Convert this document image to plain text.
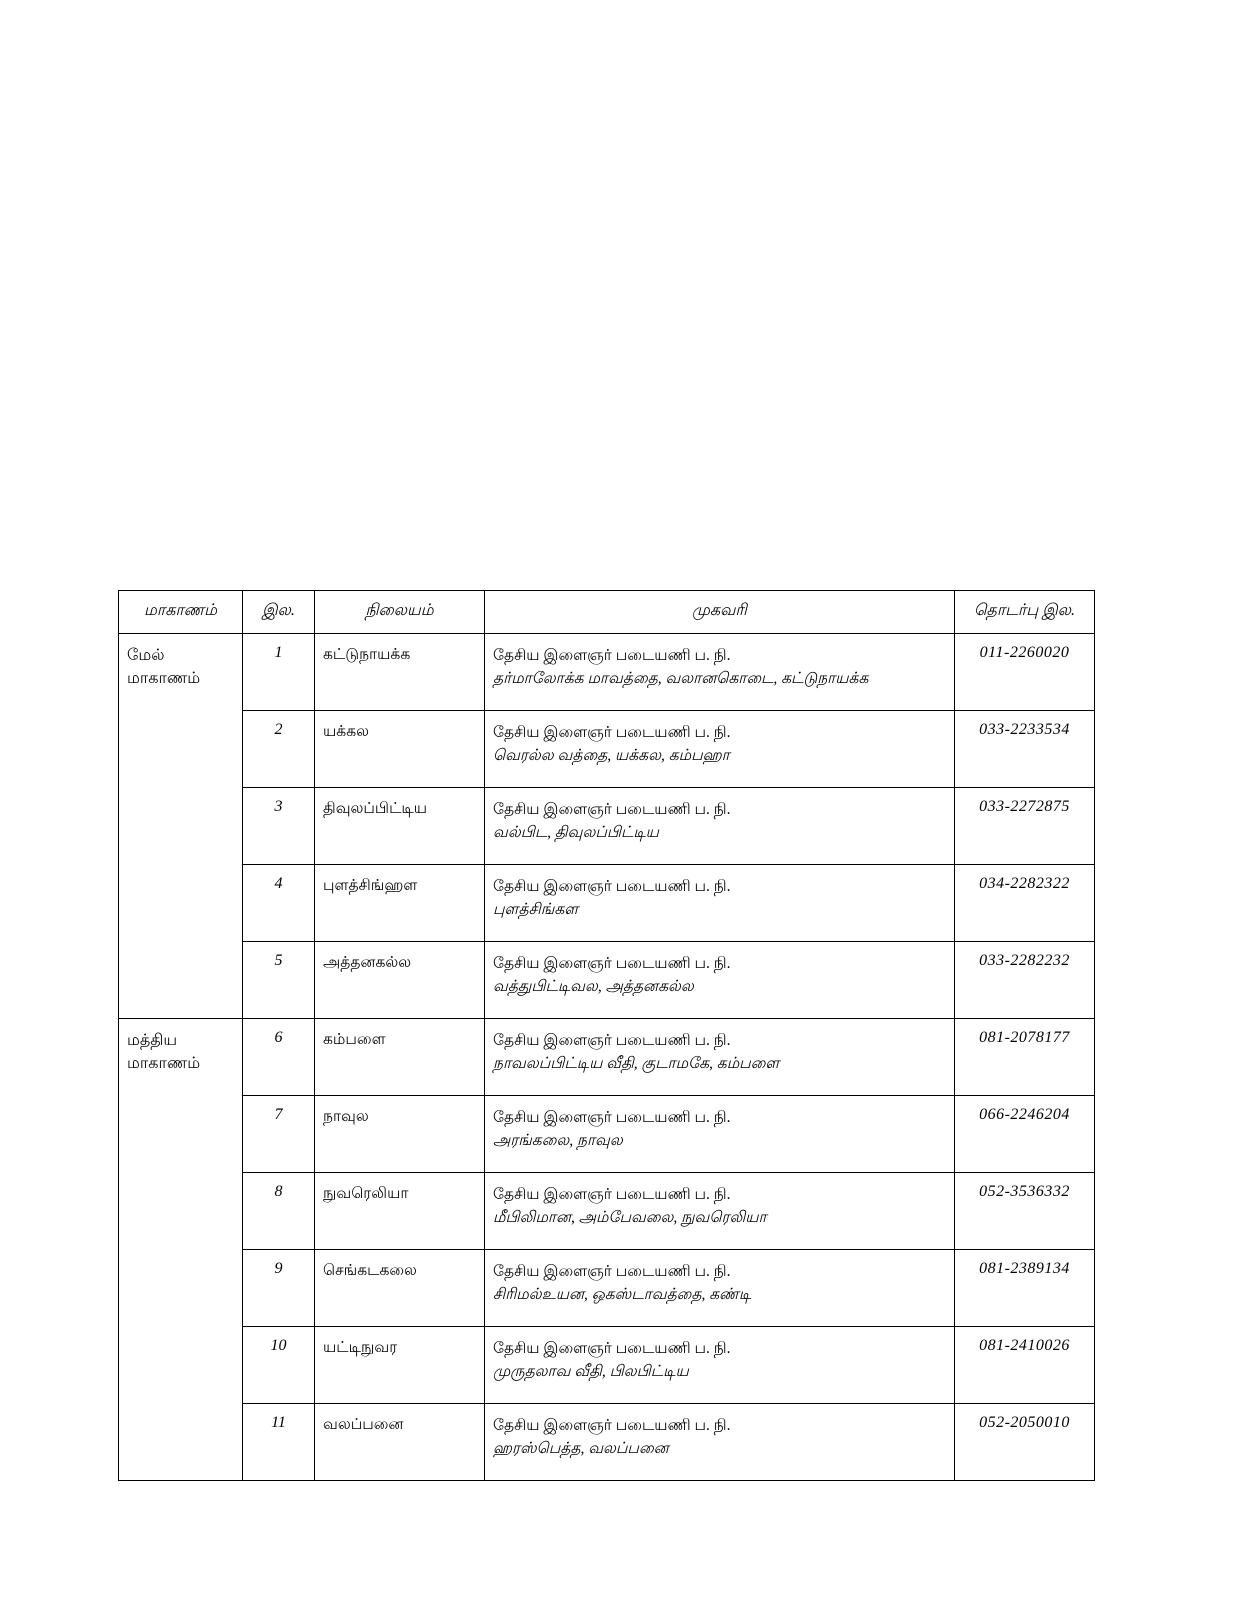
மாகாணம்	இல.	நிலையம்	முகவரி	தொடர்பு இல.
மேல் மாகாணம்	1	கட்டுநாயக்க	தேசிய இளைஞர் படையணி ப. நி.
தர்மாலோக்க மாவத்தை, வலானகொடை, கட்டுநாயக்க	011-2260020
	2	யக்கல	தேசிய இளைஞர் படையணி ப. நி.
வெரல்ல வத்தை, யக்கல, கம்பஹா	033-2233534
	3	திவுலப்பிட்டிய	தேசிய இளைஞர் படையணி ப. நி.
வல்பிட, திவுலப்பிட்டிய	033-2272875
	4	புளத்சிங்ஹள	தேசிய இளைஞர் படையணி ப. நி.
புளத்சிங்கள	034-2282322
	5	அத்தனகல்ல	தேசிய இளைஞர் படையணி ப. நி.
வத்துபிட்டிவல, அத்தனகல்ல	033-2282232
மத்திய மாகாணம்	6	கம்பளை	தேசிய இளைஞர் படையணி ப. நி.
நாவலப்பிட்டிய வீதி, குடாமகே, கம்பளை	081-2078177
	7	நாவுல	தேசிய இளைஞர் படையணி ப. நி.
அரங்கலை, நாவுல	066-2246204
	8	நுவரெலியா	தேசிய இளைஞர் படையணி ப. நி.
மீபிலிமான, அம்பேவலை, நுவரெலியா	052-3536332
	9	செங்கடகலை	தேசிய இளைஞர் படையணி ப. நி.
சிரிமல்உயன, ஒகஸ்டாவத்தை, கண்டி	081-2389134
	10	யட்டிநுவர	தேசிய இளைஞர் படையணி ப. நி.
முருதலாவ வீதி, பிலபிட்டிய	081-2410026
	11	வலப்பனை	தேசிய இளைஞர் படையணி ப. நி.
ஹரஸ்பெத்த, வலப்பனை	052-2050010
